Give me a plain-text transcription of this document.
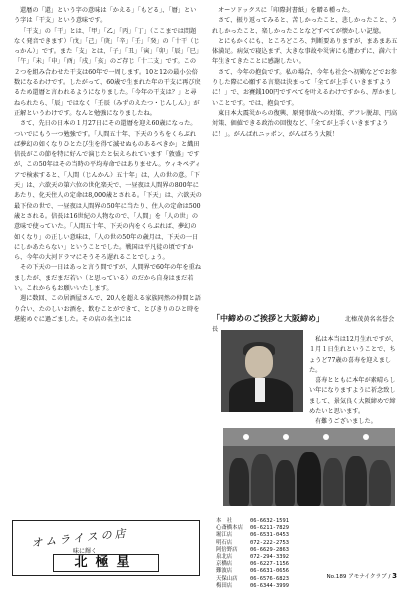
還暦の「還」という字の意味は「かえる」「もどる」、「暦」という字は「干支」という意味です。

「干支」の「干」とは、「甲」「乙」「丙」「丁」（ここまでは問題なく発音できます）「戊」「己」「庚」「辛」「壬」「癸」の「十干（じっかん）」です。また「支」とは、「子」「丑」「寅」「卯」「辰」「巳」「午」「未」「申」「酉」「戌」「亥」のご存じ「十二支」です。この２つを組み合わせた干支は60年で一周します。10と12の最小公倍数になるわけです。したがって、60歳で生まれた年の干支に再び戻るため還暦と言われるようになりました。「今年の干支は？」と尋ねられたら、「辰」ではなく「壬辰（みずのえたつ・じんしん）」が正解というわけです。なんと勉強になりましたね。

さて、先日の日本の１月27日にその還暦を迎え60歳になった。ついでにもう一つ勉強です。「人間五十年、下天のうちをくらぶれば夢幻の如くなりひとたび生を得て滅せぬものあるべきか」と織田信長がこの節を特に好んで演じたと伝えられています「敦盛」ですが、この50年はその当時の平均寿命ではありません。ウィキペディアで検索すると、「人間（じんかん）五十年」は、人の世の意。「下天」は、六欲天の第六位の世化楽天で、一昼夜は人間界の800年にあたり、化天住人の定命は8,000歳とされる。「下天」は、六欲天の最下位の世で、一昼夜は人間界の50年に当たり、住人の定命は500歳とされる。信長は16世紀の人物なので、「人間」を「人の世」の意味で使っていた。「人間五十年、下天の内をくらぶれば、夢幻の如くなり」の正しい意味は、「人の世の50年の歳月は、下天の一日にしかあたらない」ということでした。戦国は平凡徒の頃ですから、今年の大河ドラマにそうそろ遅れることでしょう。

その下天の一日はあっと言う間ですが、人間界で60年の年を重ねましたが、まだまだ若い（と思っている）のだから自身はまだ若い。これからもお願いいたします。

週に数回、この居酒屋さんで、20人を超える家族同然の仲間と語り合い、たのしいお酒を、飲むことができて、とびきりのひと時を堪能めぐに過ごました。その店の名主には

オーソドックスに「印際封書紙」を贈る種った。

さて、振り返ってみると、苦しかったこと、悲しかったこと、うれしかったこと、楽しかったことなどすべてが懐かしい記憶。

とにもかくにも、ところどころ、判断要ありますが、まあまあ五体満足。病気で寝込まず、大きな事故や災害にも遭わずに、満六十年生きてきたことに感謝したい。

さて、今年の抱負です。私の場合、今年も社会へ初勤などでお参りした際に心願する言葉は決まって「全てが上手くいきますように！」で、お賽銭100円ですべてを叶えるわけですから、厚かましいことです。では、抱負です。

東日本大震災からの復興、原発事故への対策、デフレ脱却、円高対策、価値できる政治の回復など、「全てが上手くいきますように！」。がんばれニッポン、がんばろう大阪！

「中締めのご挨拶と大阪締め」	北榛茂黄名名誉会長

私は本当は12月生れですが、１月１日生れということで、ちょうど77歳の喜寿を迎えました。

喜寿とともに本年が素晴らしい年になりますように祈念致しまして、景気良く大阪締めで締めたいと思います。

有難うございました。

オムライスの店
味に輝く
北極星
本　社	06-6632-1591
心斎橋本店	06-6211-7829
堀江店	06-6531-0453
明石店	072-222-2753
阿倍野店	06-6629-2863
泉北店	072-294-3392
京橋店	06-6227-1156
難波店	06-6631-0656
天保山店	06-6576-6823
梅田店	06-6344-3999
No.189 アモナイクラブ / 3
